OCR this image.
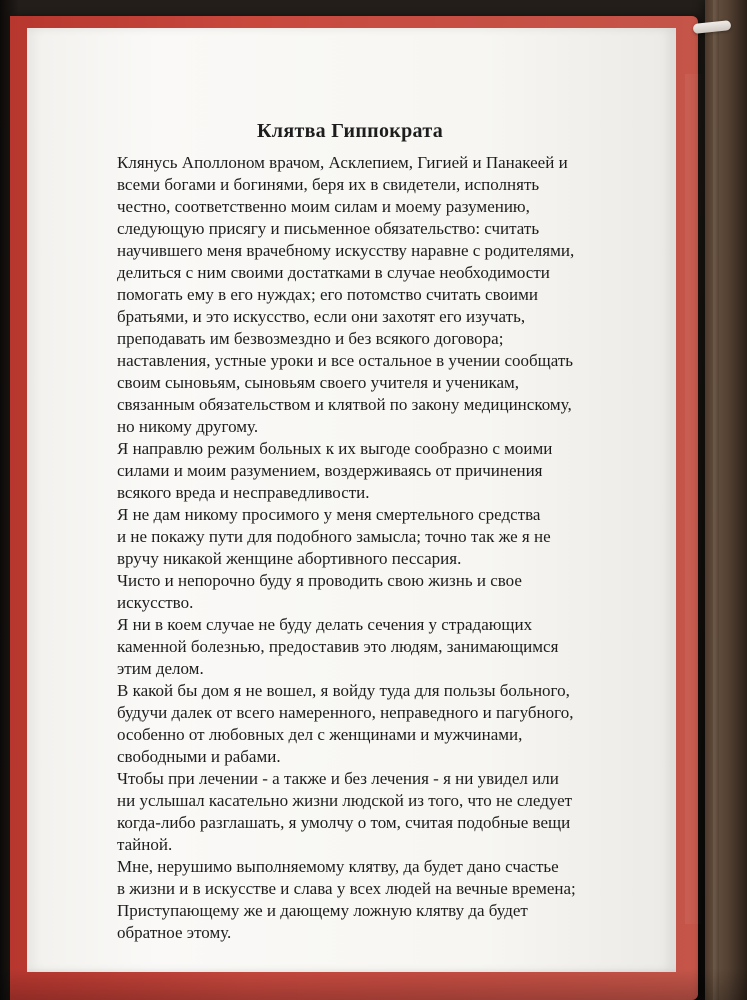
Клятва Гиппократа
Клянусь Аполлоном врачом, Асклепием, Гигией и Панакеей и
всеми богами и богинями, беря их в свидетели, исполнять
честно, соответственно моим силам и моему разумению,
следующую присягу и письменное обязательство: считать
научившего меня врачебному искусству наравне с родителями,
делиться с ним своими достатками в случае необходимости
помогать ему в его нуждах; его потомство считать своими
братьями, и это искусство, если они захотят его изучать,
преподавать им безвозмездно и без всякого договора;
наставления, устные уроки и все остальное в учении сообщать
своим сыновьям, сыновьям своего учителя и ученикам,
связанным обязательством и клятвой по закону медицинскому,
но никому другому.
Я направлю режим больных к их выгоде сообразно с моими
силами и моим разумением, воздерживаясь от причинения
всякого вреда и несправедливости.
Я не дам никому просимого у меня смертельного средства
и не покажу пути для подобного замысла; точно так же я не
вручу никакой женщине абортивного пессария.
Чисто и непорочно буду я проводить свою жизнь и свое
искусство.
Я ни в коем случае не буду делать сечения у страдающих
каменной болезнью, предоставив это людям, занимающимся
этим делом.
В какой бы дом я не вошел, я войду туда для пользы больного,
будучи далек от всего намеренного, неправедного и пагубного,
особенно от любовных дел с женщинами и мужчинами,
свободными и рабами.
Чтобы при лечении - а также и без лечения - я ни увидел или
ни услышал касательно жизни людской из того, что не следует
когда-либо разглашать, я умолчу о том, считая подобные вещи
тайной.
Мне, нерушимо выполняемому клятву, да будет дано счастье
в жизни и в искусстве и слава у всех людей на вечные времена;
Приступающему же и дающему ложную клятву да будет
обратное этому.
